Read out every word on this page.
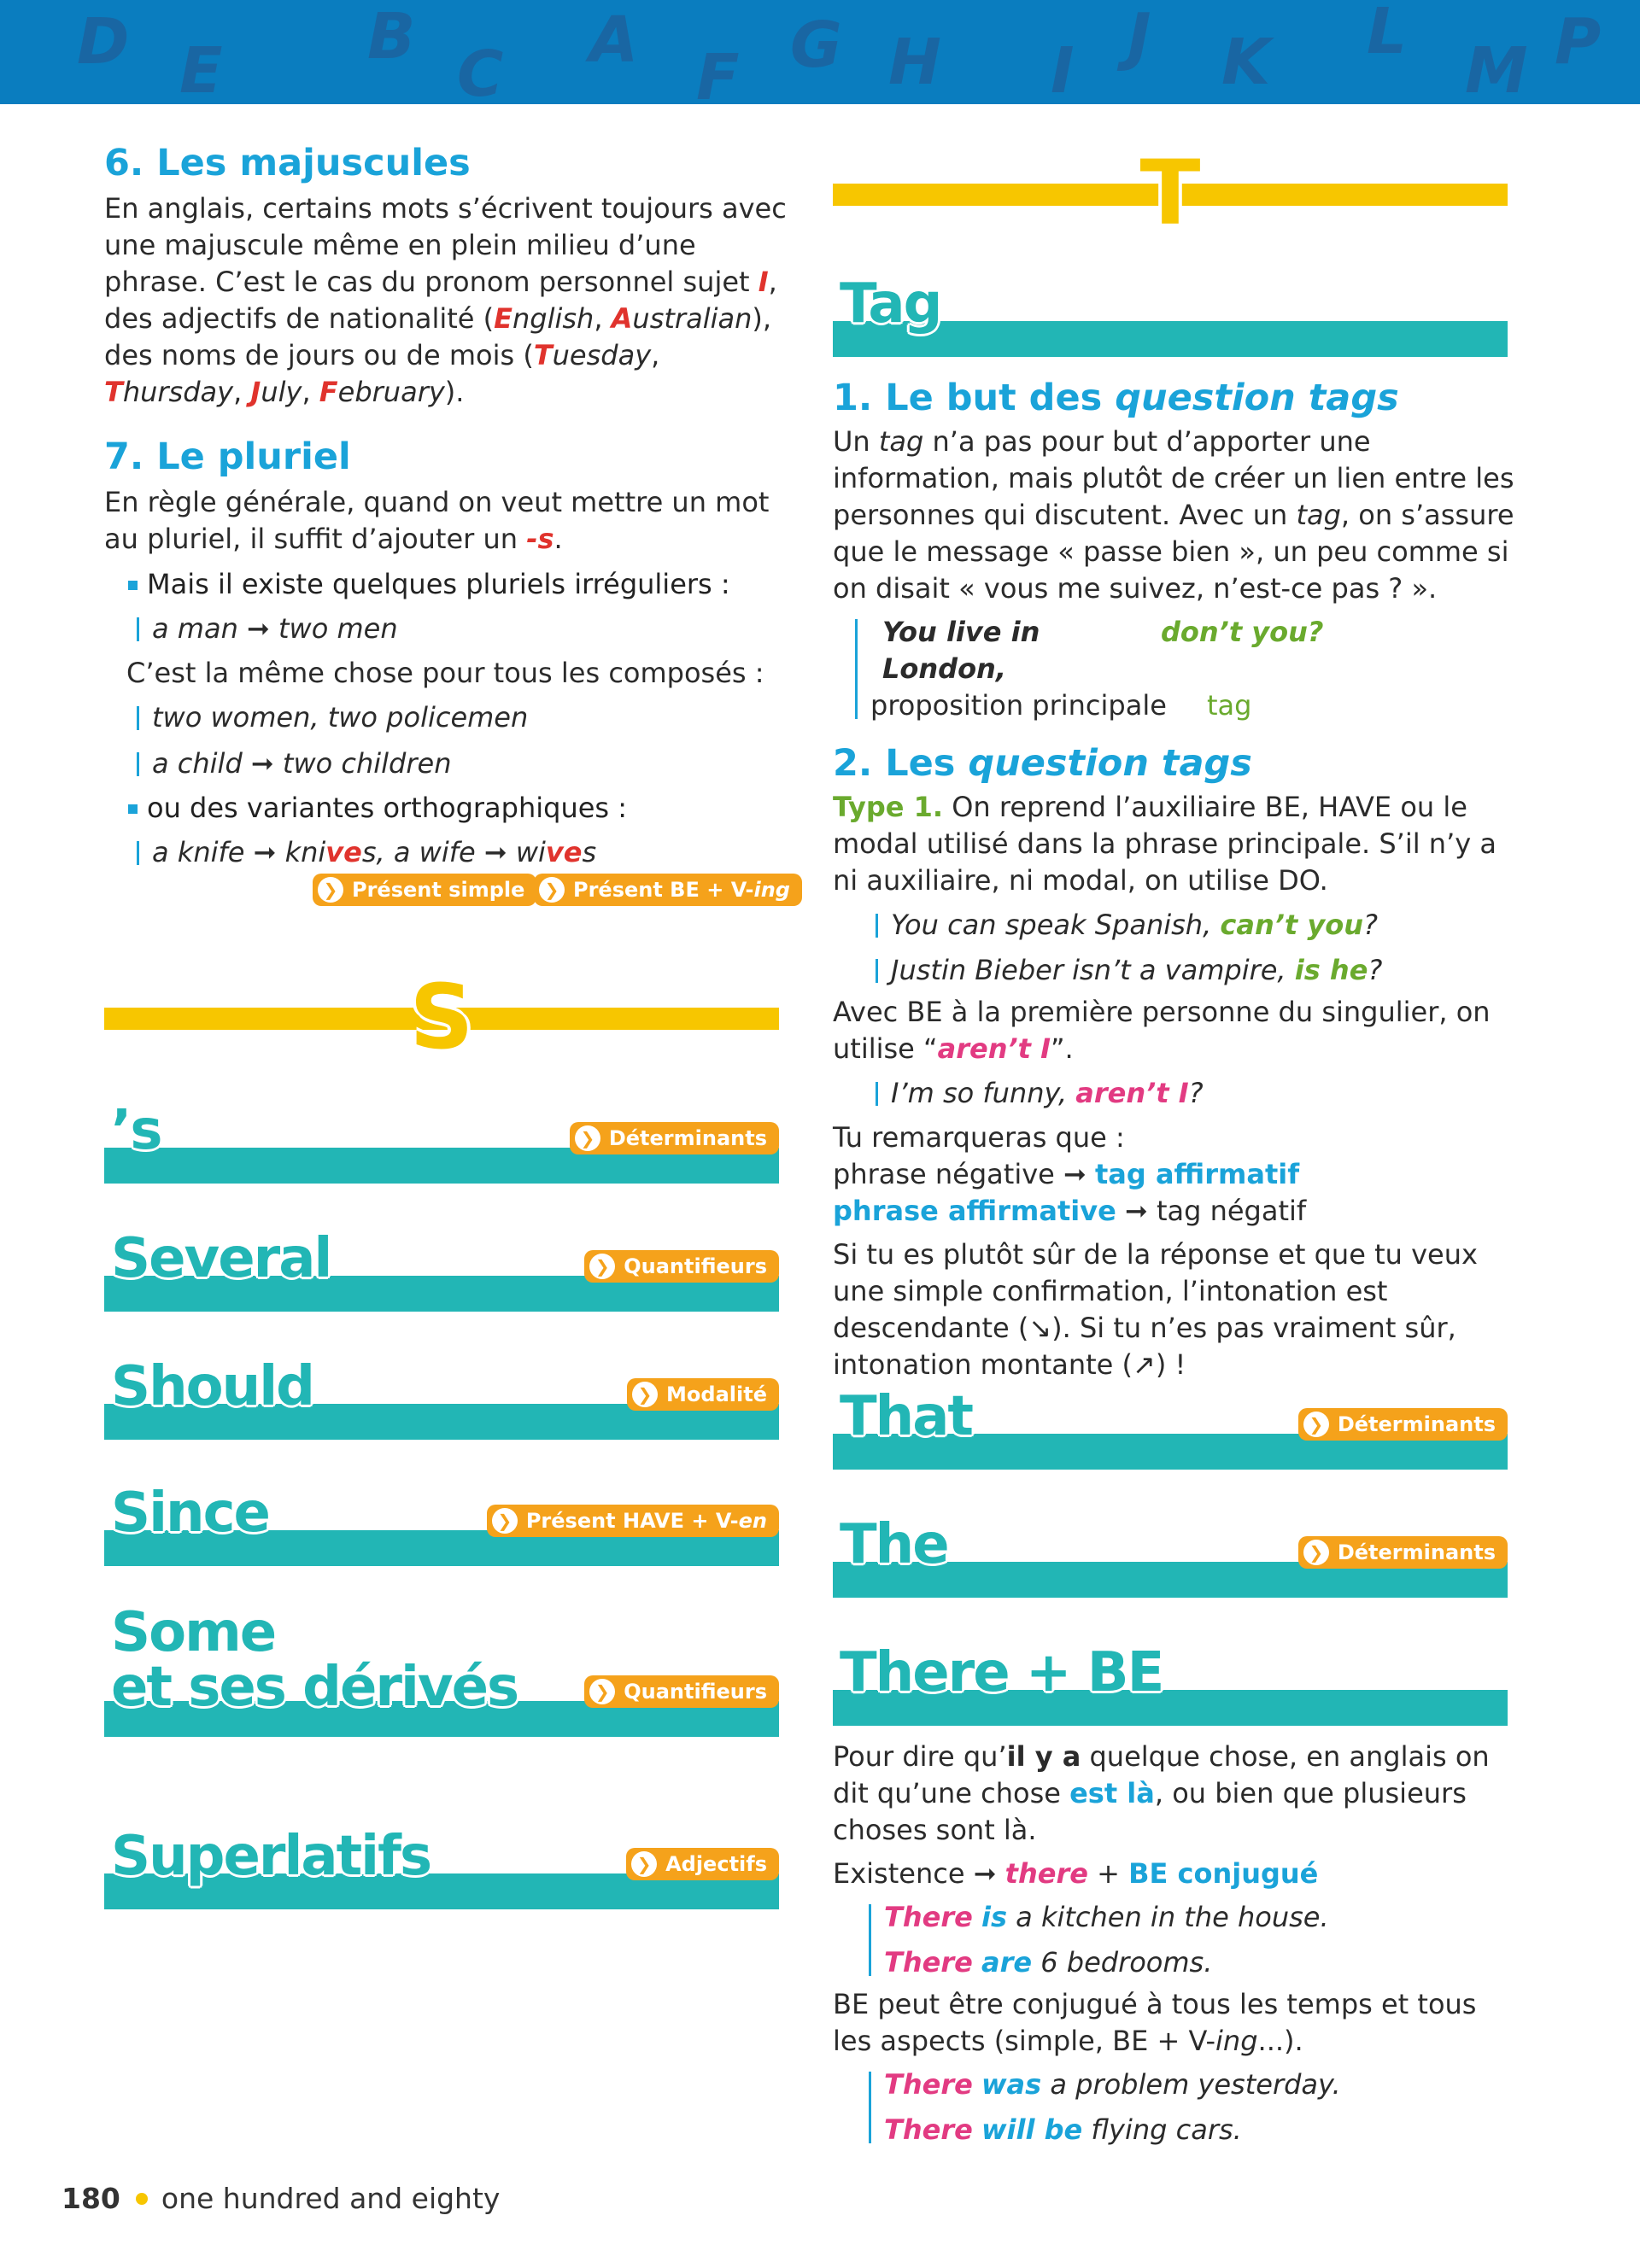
D E B
C A
F G H I J K L
M P
6. Les majuscules
En anglais, certains mots s’écrivent toujours avec une majuscule même en plein milieu d’une phrase. C’est le cas du pronom personnel sujet I, des adjectifs de nationalité (English, Australian), des noms de jours ou de mois (Tuesday, Thursday, July, February).
7. Le pluriel
En règle générale, quand on veut mettre un mot au pluriel, il suffit d’ajouter un -s.
Mais il existe quelques pluriels irréguliers :
a man ➞ two men
C’est la même chose pour tous les composés :
two women, two policemen
a child ➞ two children
ou des variantes orthographiques :
a knife ➞ knives, a wife ➞ wives
❯ Présent simple	❯ Présent BE + V- ing
S
’s	❯ Déterminants
Several	❯ Quantifieurs
Should	❯ Modalité
Since	❯ Présent HAVE + V- en
Some
et ses dérivés	❯ Quantifieurs
Superlatifs	❯ Adjectifs
T
Tag
1. Le but des question tags
Un tag n’a pas pour but d’apporter une information, mais plutôt de créer un lien entre les personnes qui discutent. Avec un tag, on s’assure que le message « passe bien », un peu comme si on disait « vous me suivez, n’est-ce pas ? ».
You live in London,
don’t you?
proposition principale	tag
2. Les question tags
Type 1. On reprend l’auxiliaire BE, HAVE ou le modal utilisé dans la phrase principale. S’il n’y a ni auxiliaire, ni modal, on utilise DO.
You can speak Spanish, can’t you?
Justin Bieber isn’t a vampire, is he?
Avec BE à la première personne du singulier, on utilise “aren’t I”.
I’m so funny, aren’t I?
Tu remarqueras que :
phrase négative ➞ tag affirmatif
phrase affirmative ➞ tag négatif
Si tu es plutôt sûr de la réponse et que tu veux une simple confirmation, l’intonation est descendante (↘). Si tu n’es pas vraiment sûr, intonation montante (↗) !
That	❯ Déterminants
The	❯ Déterminants
There + BE
Pour dire qu’il y a quelque chose, en anglais on dit qu’une chose est là, ou bien que plusieurs choses sont là.
Existence ➞ there + BE conjugué
There is a kitchen in the house.
There are 6 bedrooms.
BE peut être conjugué à tous les temps et tous les aspects (simple, BE + V-ing...).
There was a problem yesterday.
There will be flying cars.
180 one hundred and eighty
